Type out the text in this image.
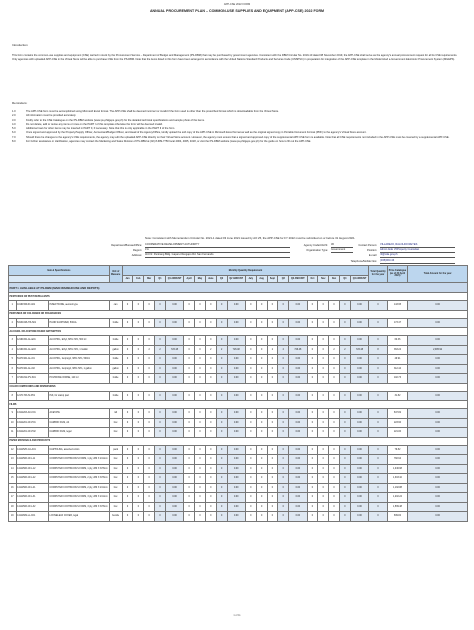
APP-CSE 2022 FORM
ANNUAL PROCUREMENT PLAN – COMMON-USE SUPPLIES AND EQUIPMENT (APP-CSE) 2022 FORM
Introduction
This form contains the common-use supplies and equipment (CSE) carried in stock by the Procurement Service – Department of Budget and Management (PS-DBM) that may be purchased by government agencies. Consistent with the DBM Circular No. 2019-10 dated 08 November 2019, the APP-CSE shall serve as the agency's annual procurement request for all its CSE requirements. Only agencies with uploaded APP-CSE in the Virtual Store will be able to purchase CSE from the PS-DBM. Note that the items listed in this form have been arranged in accordance with the United Nations Standard Products and Services Code (UNSPSC) in preparation for integration of the APP-CSE template in the Modernized e-Government Electronic Procurement System (MGEPS).
Reminders:
1.0	The APP-CSE form must be accomplished using Microsoft Excel format. The APP-CSE shall be deemed incorrect or invalid if the form used is other than the prescribed format which is downloadable from the Virtual Store.
2.0	All information must be provided accurately.
3.0	Kindly refer to the CSE Catalogue on the PS-DBM website (www.ps-philgeps.gov.ph) for the detailed technical specifications and sample photo of the items.
4.0	Do not delete, add or revise any items or rows on the PART I of this template otherwise the form will be deemed invalid.
5.0	Additional rows for other items may be inserted in PART II, if necessary. Note that this is only applicable in the PART II of the form.
6.0	Once signed and approved by the Property/Supply Officer, Accountant/Budget Officer, and Head of the Agency/Office, kindly upload the soft copy of the APP-CSE in Microsoft Excel format as well as the original signed copy in Portable Document Format (PDF) to the agency's Virtual Store account.
7.0	Should there be changes to the agency's CSE requirements, the agency may edit the uploaded APP-CSE directly on their Virtual Store account. However, the agency must ensure that a signed and approved copy of the supplemental APP-CSE form is available. Note that all CSE requirements not included in the APP-CSE must be covered by a supplemental APP-CSE.
8.0	For further assistance or clarification, agencies may contact the Marketing and Sales Division of PS-DBM at (02) 8-689-7750 local 4004, 4005, 4018, or visit the PS-DBM website (www.ps-philgeps.gov.ph) for the guide on how to fill out the APP-CSE.
Note: Consistent with Memorandum Circular No. 2021-1 dated 03 June 2021 issued by AO 25, the APP-CSE for FY 2022 must be submitted on or before 31 August 2021.
Department/Bureau/Office:	COOPERATIVE DEVELOPMENT AUTHORITY
Region:	3 A
Address:	3rd Flr. Pantrang Bldg. Gapan-Olongapo Rd. San Fernando
Agency Code/UACS:	30
Organization Type:	Government
Contact Person:	VILLAREJO, RALOLDO REYES
Position:	Admin Aide VI/Property Custodian
E-mail:	r3@cda.gov.ph
Telephone/Mobile Nos:	(045)963-46
Item & Specifications			Unit of Measure	Monthly Quantity Requirement																				Total Quantity for the year	Price Catalogue (as of 30 April 2021)	Total Amount for the year
				Jan	Feb	Mar	Q1	Q1 AMOUNT	April	May	June	Q2	Q2 AMOUNT	July	Aug	Sept	Q3	Q3 AMOUNT	Oct	Nov	Dec	Q4	Q4 AMOUNT			
PART I. AVAILABLE AT PS-DBM (MAIN WAREHOUSE AND DEPOTS)																										
PESTICIDES OR PEST REPELLENTS																										
1	10191509-IN-A01	INSECTICIDE, aerosol type	can	0	0	0	0	0.00	0	0	0	0	0.00	0	0	0	0	0.00	0	0	0	0	0.00	0	143.95	0.00
PERFUMES OR COLOGNES OR FRAGRANCES																										
2	53131626-HS-S01	HAND SANITIZER, 500mL	bottle	0	0	0	0	0.00	0	0	0	0	0.00	0	0	0	0	0.00	0	0	0	0	0.00	0	173.47	0.00
ALCOHOL OR ACETONE BASED ANTISEPTICS																										
3	12191601-AL-E01	ALCOHOL, Ethyl, 68%-72%, 500 ml	bottle	0	0	0	0	0.00	0	0	0	0	0.00	0	0	0	0	0.00	0	0	0	0	0.00	0	60.36	0.00
4	12191601-AL-E03	ALCOHOL, Ethyl, 68%-72%, 1 Gallon	gallon	0	0	2	2	726.48	0	0	2	2	726.48	0	0	2	2	726.48	0	0	2	2	726.48	8	363.24	2,905.92
5	51471901-AL-I01	ALCOHOL, Isopropyl, 68%-72%, 500ml	bottle	0	0	0	0	0.00	0	0	0	0	0.00	0	0	0	0	0.00	0	0	0	0	0.00	0	49.91	0.00
6	51471901-AL-I02	ALCOHOL, Isopropyl, 68%-72%, 1 gallon	gallon	0	0	0	0	0.00	0	0	0	0	0.00	0	0	0	0	0.00	0	0	0	0	0.00	0	312.44	0.00
7	47131812-PV-S01	POVIDONE IODINE, 120 ml	bottle	0	0	0	0	0.00	0	0	0	0	0.00	0	0	0	0	0.00	0	0	0	0	0.00	0	102.73	0.00
COLOR COMPOUNDS AND DISPERSIONS																										
8	12171703-SI-P01	INK, for stamp pad	bottle	0	0	0	0	0.00	0	0	0	0	0.00	0	0	0	0	0.00	0	0	0	0	0.00	0	31.82	0.00
FILMS																										
9	13111203-AC-F01	ACETATE	roll	0	0	0	0	0.00	0	0	0	0	0.00	0	0	0	0	0.00	0	0	0	0	0.00	0	847.82	0.00
10	13111201-CF-P01	CARBON FILM, A4	box	0	0	0	0	0.00	0	0	0	0	0.00	0	0	0	0	0.00	0	0	0	0	0.00	0	223.60	0.00
11	13111201-CF-P02	CARBON FILM, legal	box	0	0	0	0	0.00	0	0	0	0	0.00	0	0	0	0	0.00	0	0	0	0	0.00	0	221.00	0.00
PAPER MATERIALS AND PRODUCTS																										
12	14111525-CA-A01	CARTOLINA, assorted colors	pack	0	0	0	0	0.00	0	0	0	0	0.00	0	0	0	0	0.00	0	0	0	0	0.00	0	79.82	0.00
13	14111506-CF-L11	COMPUTER CONTINUOUS FORM, 1 ply, 280 X 241mm	box	0	0	0	0	0.00	0	0	0	0	0.00	0	0	0	0	0.00	0	0	0	0	0.00	0	782.64	0.00
14	14111506-CF-L12	COMPUTER CONTINUOUS FORM, 1 ply, 280 X 378mm	box	0	0	0	0	0.00	0	0	0	0	0.00	0	0	0	0	0.00	0	0	0	0	0.00	0	1,046.68	0.00
15	14111506-CF-L22	COMPUTER CONTINUOUS FORM, 2 ply, 280 X 378mm	box	0	0	0	0	0.00	0	0	0	0	0.00	0	0	0	0	0.00	0	0	0	0	0.00	0	1,303.10	0.00
16	14111506-CF-L21	COMPUTER CONTINUOUS FORM, 2 ply, 280 X 241mm	box	0	0	0	0	0.00	0	0	0	0	0.00	0	0	0	0	0.00	0	0	0	0	0.00	0	1,192.88	0.00
17	14111506-CF-L31	COMPUTER CONTINUOUS FORM, 3 ply, 280 X 241mm	box	0	0	0	0	0.00	0	0	0	0	0.00	0	0	0	0	0.00	0	0	0	0	0.00	0	1,202.24	0.00
18	14111506-CF-L32	COMPUTER CONTINUOUS FORM, 3 ply, 280 X 378mm	box	0	0	0	0	0.00	0	0	0	0	0.00	0	0	0	0	0.00	0	0	0	0	0.00	0	1,599.48	0.00
19	14111609-LL-C01	LOOSELEAF COVER, legal	bundle	0	0	0	0	0.00	0	0	0	0	0.00	0	0	0	0	0.00	0	0	0	0	0.00	0	839.84	0.00
1 of 11
